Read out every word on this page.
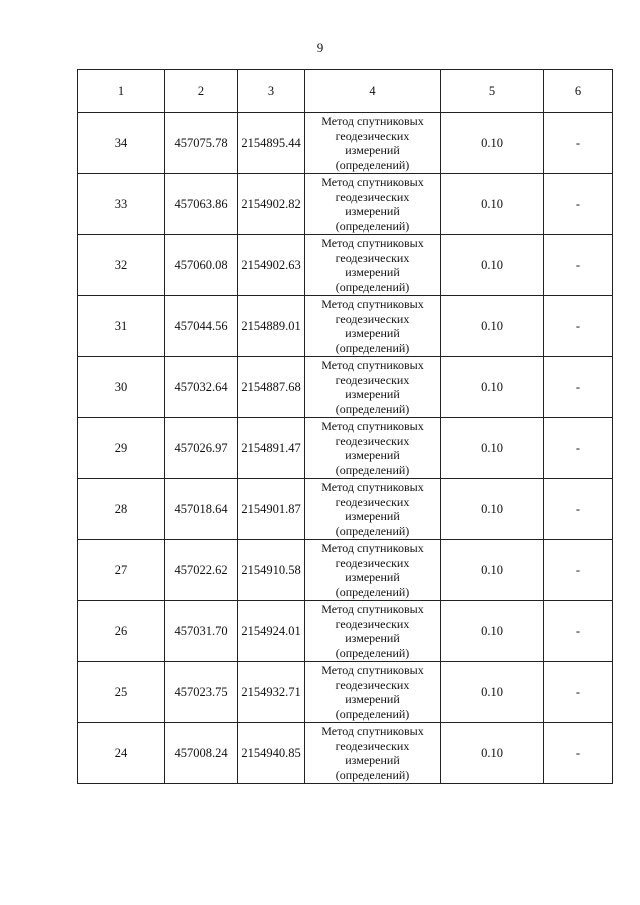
9
1	2	3	4	5	6
34	457075.78	2154895.44	Метод спутниковых
геодезических
измерений
(определений)	0.10	-
33	457063.86	2154902.82	Метод спутниковых
геодезических
измерений
(определений)	0.10	-
32	457060.08	2154902.63	Метод спутниковых
геодезических
измерений
(определений)	0.10	-
31	457044.56	2154889.01	Метод спутниковых
геодезических
измерений
(определений)	0.10	-
30	457032.64	2154887.68	Метод спутниковых
геодезических
измерений
(определений)	0.10	-
29	457026.97	2154891.47	Метод спутниковых
геодезических
измерений
(определений)	0.10	-
28	457018.64	2154901.87	Метод спутниковых
геодезических
измерений
(определений)	0.10	-
27	457022.62	2154910.58	Метод спутниковых
геодезических
измерений
(определений)	0.10	-
26	457031.70	2154924.01	Метод спутниковых
геодезических
измерений
(определений)	0.10	-
25	457023.75	2154932.71	Метод спутниковых
геодезических
измерений
(определений)	0.10	-
24	457008.24	2154940.85	Метод спутниковых
геодезических
измерений
(определений)	0.10	-
